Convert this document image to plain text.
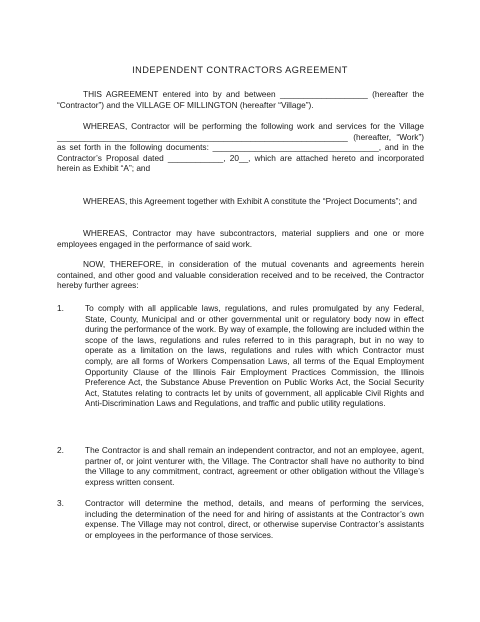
INDEPENDENT CONTRACTORS AGREEMENT
THIS AGREEMENT entered into by and between ___________________ (hereafter the “Contractor”) and the VILLAGE OF MILLINGTON (hereafter “Village”).
WHEREAS, Contractor will be performing the following work and services for the Village _______________________________________________________________ (hereafter, “Work”) as set forth in the following documents: ____________________________________, and in the Contractor’s Proposal dated ____________, 20__, which are attached hereto and incorporated herein as Exhibit “A”; and
WHEREAS, this Agreement together with Exhibit A constitute the “Project Documents”; and
WHEREAS, Contractor may have subcontractors, material suppliers and one or more employees engaged in the performance of said work.
NOW, THEREFORE, in consideration of the mutual covenants and agreements herein contained, and other good and valuable consideration received and to be received, the Contractor hereby further agrees:
1.	To comply with all applicable laws, regulations, and rules promulgated by any Federal, State, County, Municipal and or other governmental unit or regulatory body now in effect during the performance of the work. By way of example, the following are included within the scope of the laws, regulations and rules referred to in this paragraph, but in no way to operate as a limitation on the laws, regulations and rules with which Contractor must comply, are all forms of Workers Compensation Laws, all terms of the Equal Employment Opportunity Clause of the Illinois Fair Employment Practices Commission, the Illinois Preference Act, the Substance Abuse Prevention on Public Works Act, the Social Security Act, Statutes relating to contracts let by units of government, all applicable Civil Rights and Anti-Discrimination Laws and Regulations, and traffic and public utility regulations.
2.	The Contractor is and shall remain an independent contractor, and not an employee, agent, partner of, or joint venturer with, the Village. The Contractor shall have no authority to bind the Village to any commitment, contract, agreement or other obligation without the Village’s express written consent.
3.	Contractor will determine the method, details, and means of performing the services, including the determination of the need for and hiring of assistants at the Contractor’s own expense. The Village may not control, direct, or otherwise supervise Contractor’s assistants or employees in the performance of those services.
